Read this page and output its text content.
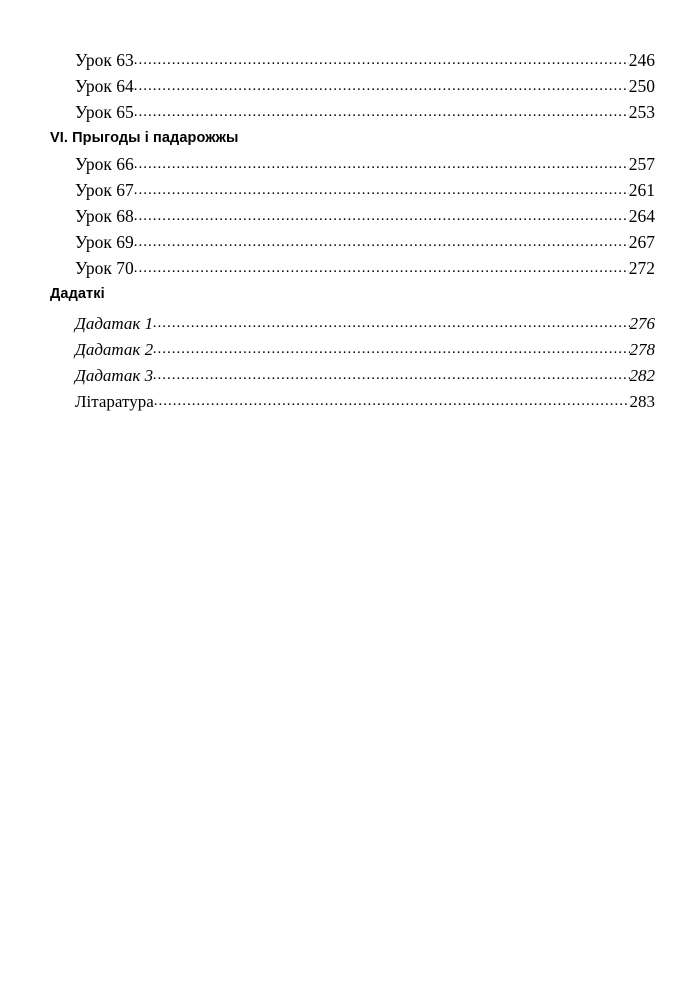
Урок 63 .....	246
Урок 64 .....	250
Урок 65 .....	253
VI. Прыгоды і падарожжы
Урок 66 .....	257
Урок 67 .....	261
Урок 68 .....	264
Урок 69 .....	267
Урок 70 .....	272
Дадаткі
Дадатак 1 .....	276
Дадатак 2 .....	278
Дадатак 3 .....	282
Літаратура .....	283
